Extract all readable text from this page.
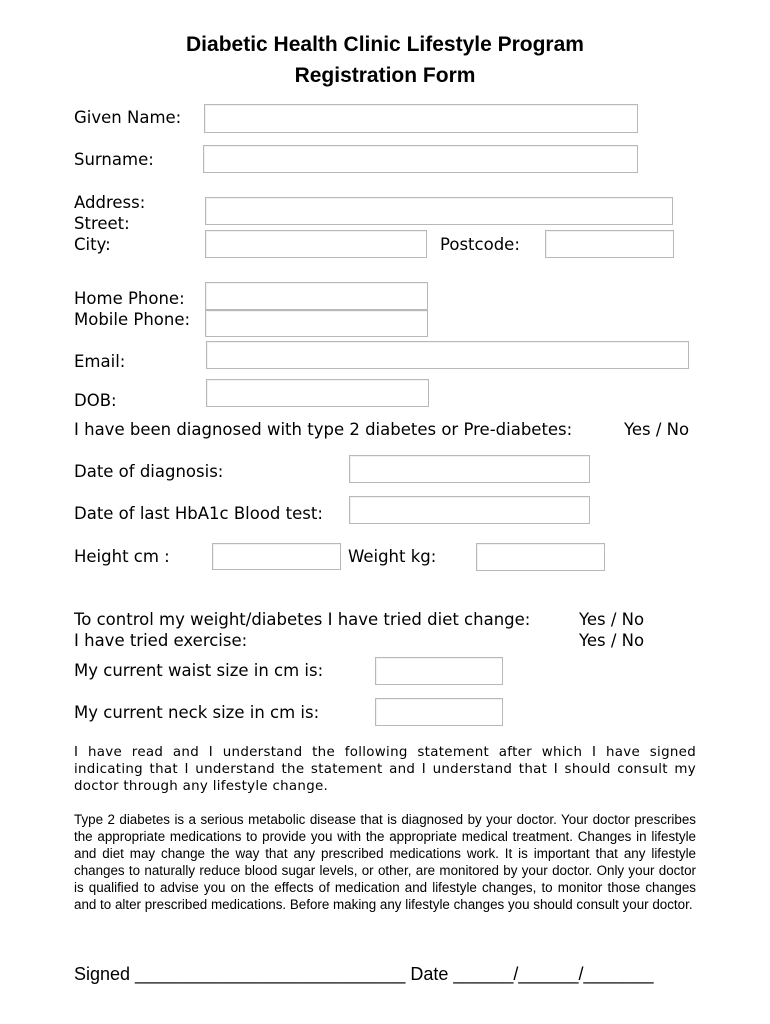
Diabetic Health Clinic Lifestyle Program
Registration Form
Given Name:
Surname:
Address:
Street:
City:	Postcode:
Home Phone:
Mobile Phone:
Email:
DOB:
I have been diagnosed with type 2 diabetes or Pre-diabetes:	Yes / No
Date of diagnosis:
Date of last HbA1c Blood test:
Height cm :	Weight kg:
To control my weight/diabetes I have tried diet change:	Yes / No
I have tried exercise:	Yes / No
My current waist size in cm is:
My current neck size in cm is:
I have read and I understand the following statement after which I have signed indicating that I understand the statement and I understand that I should consult my doctor through any lifestyle change.
Type 2 diabetes is a serious metabolic disease that is diagnosed by your doctor. Your doctor prescribes the appropriate medications to provide you with the appropriate medical treatment. Changes in lifestyle and diet may change the way that any prescribed medications work. It is important that any lifestyle changes to naturally reduce blood sugar levels, or other, are monitored by your doctor. Only your doctor is qualified to advise you on the effects of medication and lifestyle changes, to monitor those changes and to alter prescribed medications. Before making any lifestyle changes you should consult your doctor.
Signed ___________________________ Date ______/______/_______
